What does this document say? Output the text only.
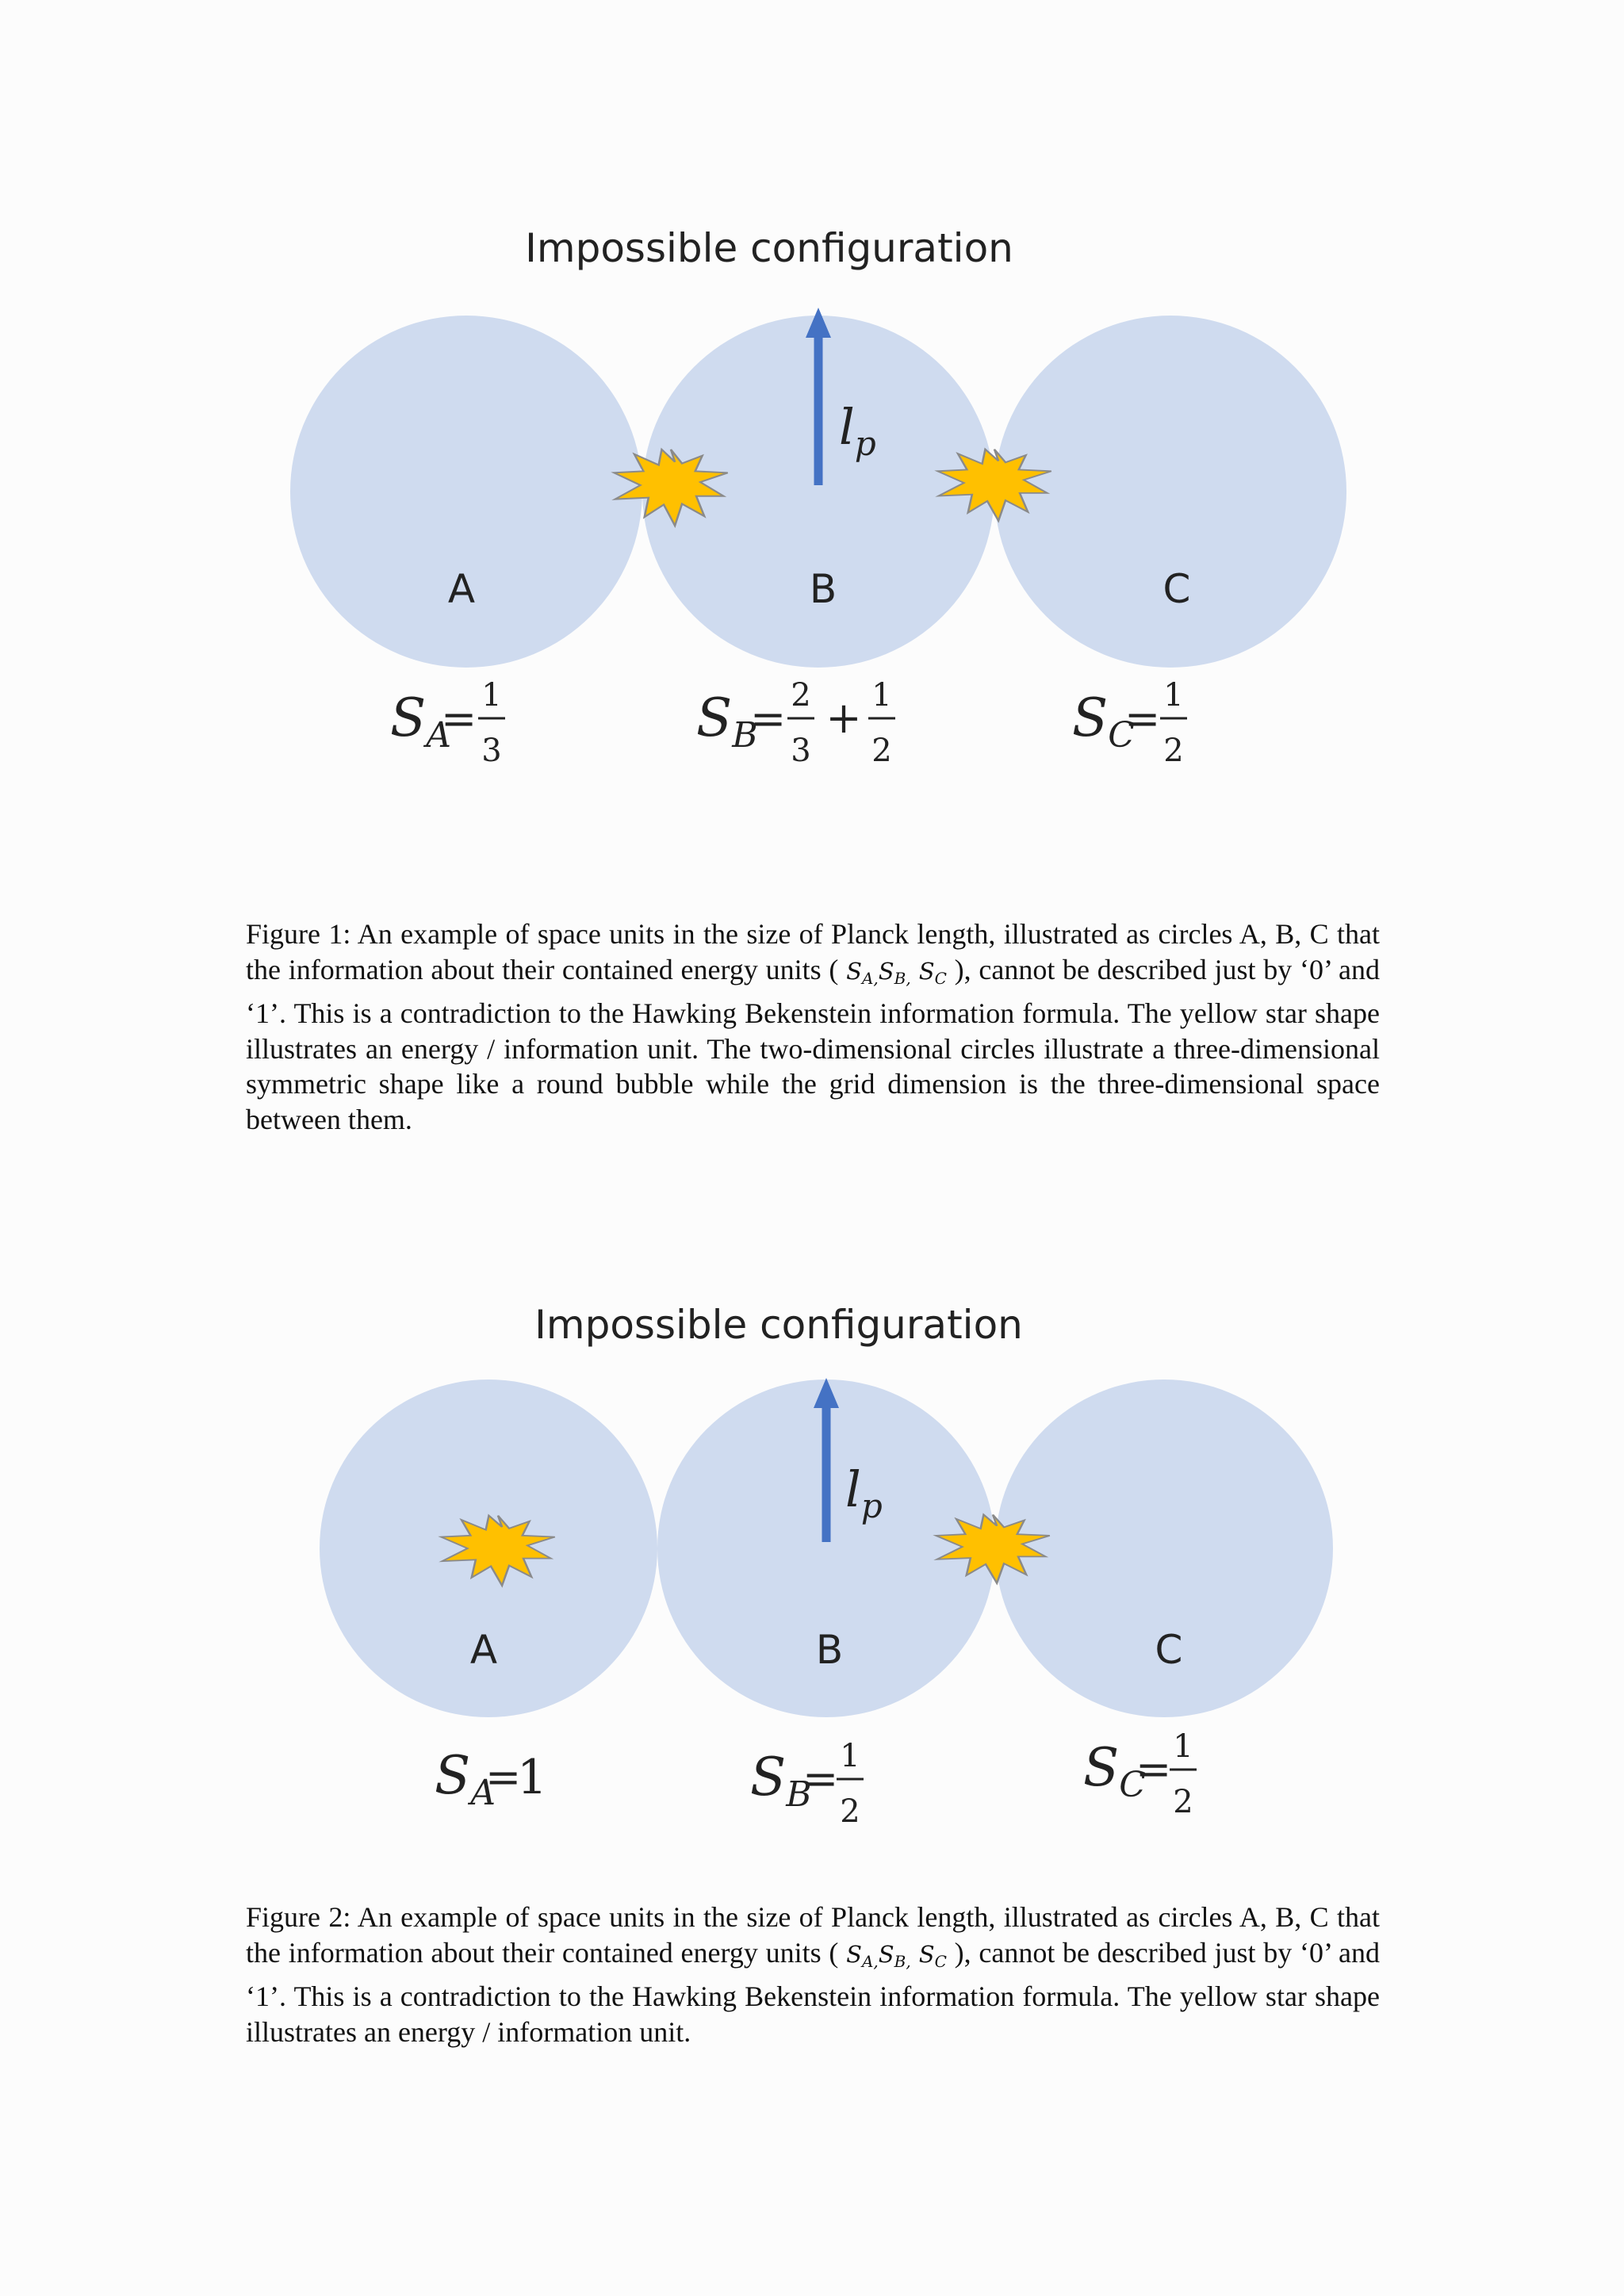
Impossible configuration
$l_p$
A	B	C
$S_A$
= 1
3
$S_B$
= 2
3
+ 1
2
$S_C$
= 1
2

Figure 1: An example of space units in the size of Planck length, illustrated as circles A, B, C that the information about their contained energy units ( $S_{A,}S_{B,}$ $S_C$ ), cannot be described just by ‘0’ and ‘1’. This is a contradiction to the Hawking Bekenstein information formula. The yellow star shape illustrates an energy / information unit. The two-dimensional circles illustrate a three-dimensional symmetric shape like a round bubble while the grid dimension is the three-dimensional space between them.

Impossible configuration
$l_p$
A	B	C
$S_A$
=
1	$S_B$
= 1
2
$S_C$
= 1
2

Figure 2: An example of space units in the size of Planck length, illustrated as circles A, B, C that the information about their contained energy units ( $S_{A,}S_{B,}$ $S_C$ ), cannot be described just by ‘0’ and ‘1’. This is a contradiction to the Hawking Bekenstein information formula. The yellow star shape illustrates an energy / information unit.
